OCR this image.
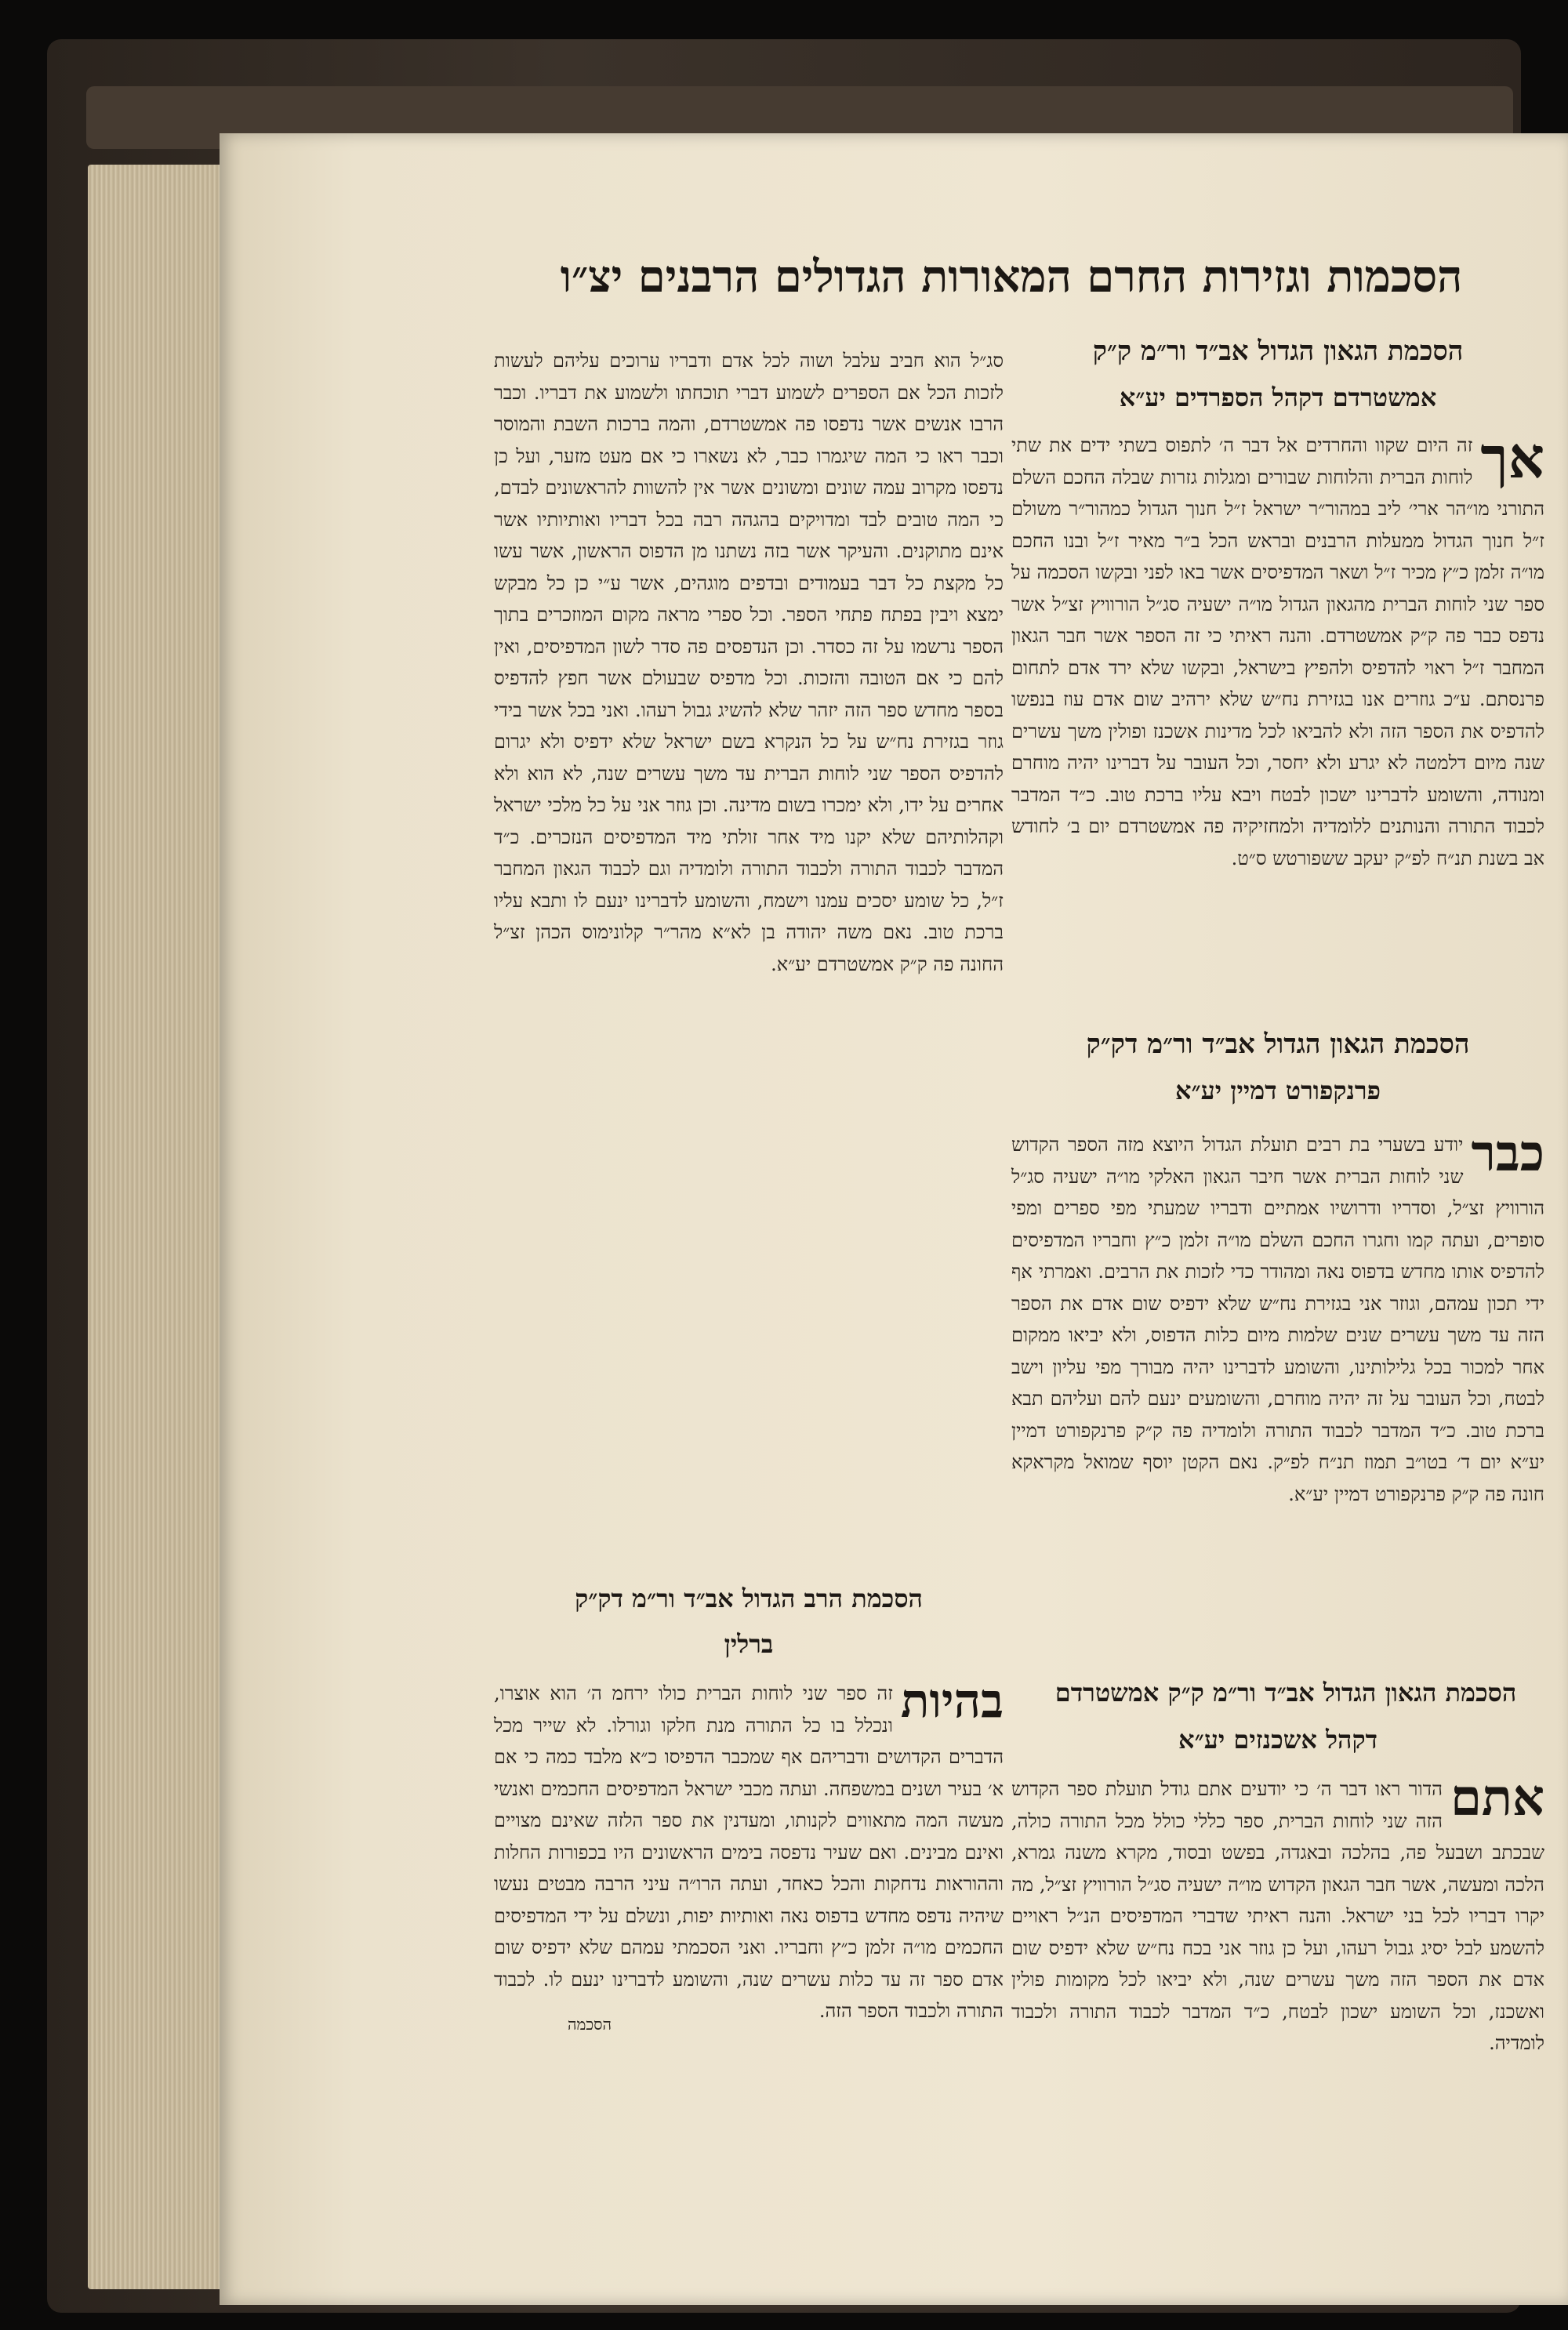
הסכמות וגזירות החרם המאורות הגדולים הרבנים יצ״ו
הסכמת הגאון הגדול אב״ד ור״מ ק״ק
אמשטרדם דקהל הספרדים יע״א
אך
זה היום שקוו והחרדים אל דבר ה׳ לתפוס בשתי ידים את שתי לוחות הברית והלוחות שבורים ומגלות גזרות שבלה החכם השלם התורני מו״הר ארי׳ ליב במהור״ר ישראל ז״ל חנוך הגדול כמהור״ר משולם ז״ל חנוך הגדול ממעלות הרבנים ובראש הכל ב״ר מאיר ז״ל ובנו החכם מו״ה זלמן כ״ץ מכיר ז״ל ושאר המדפיסים אשר באו לפני ובקשו הסכמה על ספר שני לוחות הברית מהגאון הגדול מו״ה ישעיה סג״ל הורוויץ זצ״ל אשר נדפס כבר פה ק״ק אמשטרדם. והנה ראיתי כי זה הספר אשר חבר הגאון המחבר ז״ל ראוי להדפיס ולהפיץ בישראל, ובקשו שלא ירד אדם לתחום פרנסתם. ע״כ גוזרים אנו בגזירת נח״ש שלא ירהיב שום אדם עוז בנפשו להדפיס את הספר הזה ולא להביאו לכל מדינות אשכנז ופולין משך עשרים שנה מיום דלמטה לא יגרע ולא יחסר, וכל העובר על דברינו יהיה מוחרם ומנודה, והשומע לדברינו ישכון לבטח ויבא עליו ברכת טוב. כ״ד המדבר לכבוד התורה והנותנים ללומדיה ולמחזיקיה פה אמשטרדם יום ב׳ לחודש אב בשנת תנ״ח לפ״ק יעקב ששפורטש ס״ט.
הסכמת הגאון הגדול אב״ד ור״מ דק״ק
פרנקפורט דמיין יע״א
כבר
יודע בשערי בת רבים תועלת הגדול היוצא מזה הספר הקדוש שני לוחות הברית אשר חיבר הגאון האלקי מו״ה ישעיה סג״ל הורוויץ זצ״ל, וסדריו ודרושיו אמתיים ודבריו שמעתי מפי ספרים ומפי סופרים, ועתה קמו וחגרו החכם השלם מו״ה זלמן כ״ץ וחבריו המדפיסים להדפיס אותו מחדש בדפוס נאה ומהודר כדי לזכות את הרבים. ואמרתי אף ידי תכון עמהם, וגוזר אני בגזירת נח״ש שלא ידפיס שום אדם את הספר הזה עד משך עשרים שנים שלמות מיום כלות הדפוס, ולא יביאו ממקום אחר למכור בכל גלילותינו, והשומע לדברינו יהיה מבורך מפי עליון וישב לבטח, וכל העובר על זה יהיה מוחרם, והשומעים ינעם להם ועליהם תבא ברכת טוב. כ״ד המדבר לכבוד התורה ולומדיה פה ק״ק פרנקפורט דמיין יע״א יום ד׳ בטו״ב תמוז תנ״ח לפ״ק. נאם הקטן יוסף שמואל מקראקא חונה פה ק״ק פרנקפורט דמיין יע״א.
הסכמת הגאון הגדול אב״ד ור״מ ק״ק אמשטרדם
דקהל אשכנזים יע״א
אתם
הדור ראו דבר ה׳ כי יודעים אתם גודל תועלת ספר הקדוש הזה שני לוחות הברית, ספר כללי כולל מכל התורה כולה, שבכתב ושבעל פה, בהלכה ובאגדה, בפשט ובסוד, מקרא משנה גמרא, הלכה ומעשה, אשר חבר הגאון הקדוש מו״ה ישעיה סג״ל הורוויץ זצ״ל, מה יקרו דבריו לכל בני ישראל. והנה ראיתי שדברי המדפיסים הנ״ל ראויים להשמע לבל יסיג גבול רעהו, ועל כן גוזר אני בכח נח״ש שלא ידפיס שום אדם את הספר הזה משך עשרים שנה, ולא יביאו לכל מקומות פולין ואשכנז, וכל השומע ישכון לבטח, כ״ד המדבר לכבוד התורה ולכבוד לומדיה.
סג״ל הוא חביב עלבל ושוה לכל אדם ודבריו ערוכים עליהם לעשות לזכות הכל אם הספרים לשמוע דברי תוכחתו ולשמוע את דבריו. וכבר הרבו אנשים אשר נדפסו פה אמשטרדם, והמה ברכות השבת והמוסר וכבר ראו כי המה שיגמרו כבר, לא נשארו כי אם מעט מזער, ועל כן נדפסו מקרוב עמה שונים ומשונים אשר אין להשוות להראשונים לבדם, כי המה טובים לבד ומדויקים בהגהה רבה בכל דבריו ואותיותיו אשר אינם מתוקנים. והעיקר אשר בזה נשתנו מן הדפוס הראשון, אשר עשו כל מקצת כל דבר בעמודים ובדפים מוגהים, אשר ע״י כן כל מבקש ימצא ויבין בפתח פתחי הספר. וכל ספרי מראה מקום המוזכרים בתוך הספר נרשמו על זה כסדר. וכן הנדפסים פה סדר לשון המדפיסים, ואין להם כי אם הטובה והזכות. וכל מדפיס שבעולם אשר חפץ להדפיס בספר מחדש ספר הזה יזהר שלא להשיג גבול רעהו. ואני בכל אשר בידי גוזר בגזירת נח״ש על כל הנקרא בשם ישראל שלא ידפיס ולא יגרום להדפיס הספר שני לוחות הברית עד משך עשרים שנה, לא הוא ולא אחרים על ידו, ולא ימכרו בשום מדינה. וכן גוזר אני על כל מלכי ישראל וקהלותיהם שלא יקנו מיד אחר זולתי מיד המדפיסים הנזכרים. כ״ד המדבר לכבוד התורה ולכבוד התורה ולומדיה וגם לכבוד הגאון המחבר ז״ל, כל שומע יסכים עמנו וישמח, והשומע לדברינו ינעם לו ותבא עליו ברכת טוב. נאם משה יהודה בן לא״א מהר״ר קלונימוס הכהן זצ״ל החונה פה ק״ק אמשטרדם יע״א.
הסכמת הרב הגדול אב״ד ור״מ דק״ק
ברלין
בהיות
זה ספר שני לוחות הברית כולו ירחמ ה׳ הוא אוצרו, ונכלל בו כל התורה מנת חלקו וגורלו. לא שייר מכל הדברים הקדושים ודבריהם אף שמכבר הדפיסו כ״א מלבד כמה כי אם א׳ בעיר ושנים במשפחה. ועתה מכבי ישראל המדפיסים החכמים ואנשי מעשה המה מתאווים לקנותו, ומעדנין את ספר הלזה שאינם מצויים ואינם מבינים. ואם שעיר נדפסה בימים הראשונים היו בכפורות החלות וההוראות נדחקות והכל כאחד, ועתה הרו״ה עיני הרבה מבטים נעשו שיהיה נדפס מחדש בדפוס נאה ואותיות יפות, ונשלם על ידי המדפיסים החכמים מו״ה זלמן כ״ץ וחבריו. ואני הסכמתי עמהם שלא ידפיס שום אדם ספר זה עד כלות עשרים שנה, והשומע לדברינו ינעם לו. לכבוד התורה ולכבוד הספר הזה.
הסכמה
